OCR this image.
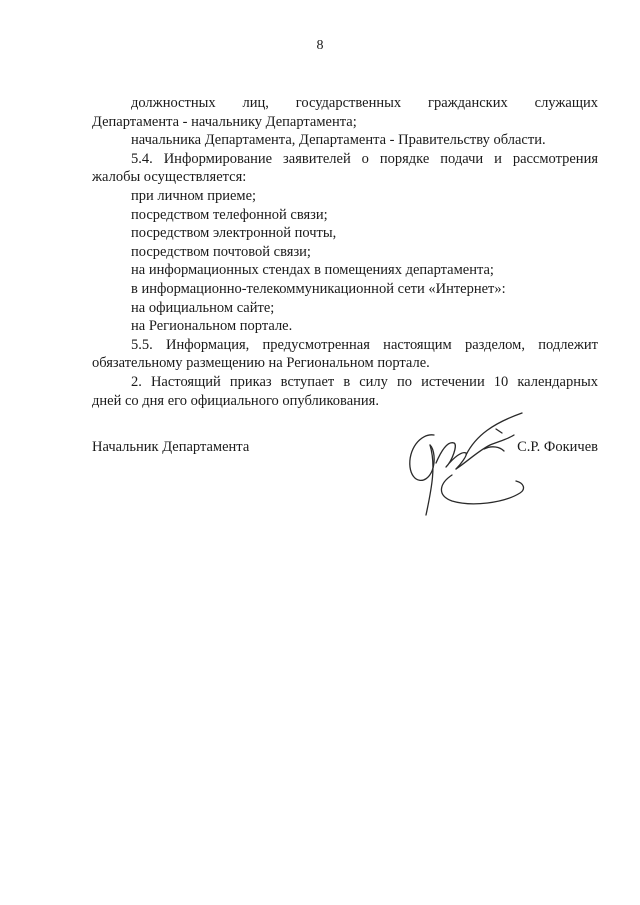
8

должностных лиц, государственных гражданских служащих

Департамента - начальнику Департамента;

начальника Департамента, Департамента - Правительству области.

5.4. Информирование заявителей о порядке подачи и рассмотрения

жалобы осуществляется:

при личном приеме;

посредством телефонной связи;

посредством электронной почты,

посредством почтовой связи;

на информационных стендах в помещениях департамента;

в информационно-телекоммуникационной сети «Интернет»:

на официальном сайте;

на Региональном портале.

5.5. Информация, предусмотренная настоящим разделом, подлежит

обязательному размещению на Региональном портале.

2. Настоящий приказ вступает в силу по истечении 10 календарных

дней со дня его официального опубликования.

Начальник Департамента	С.Р. Фокичев
